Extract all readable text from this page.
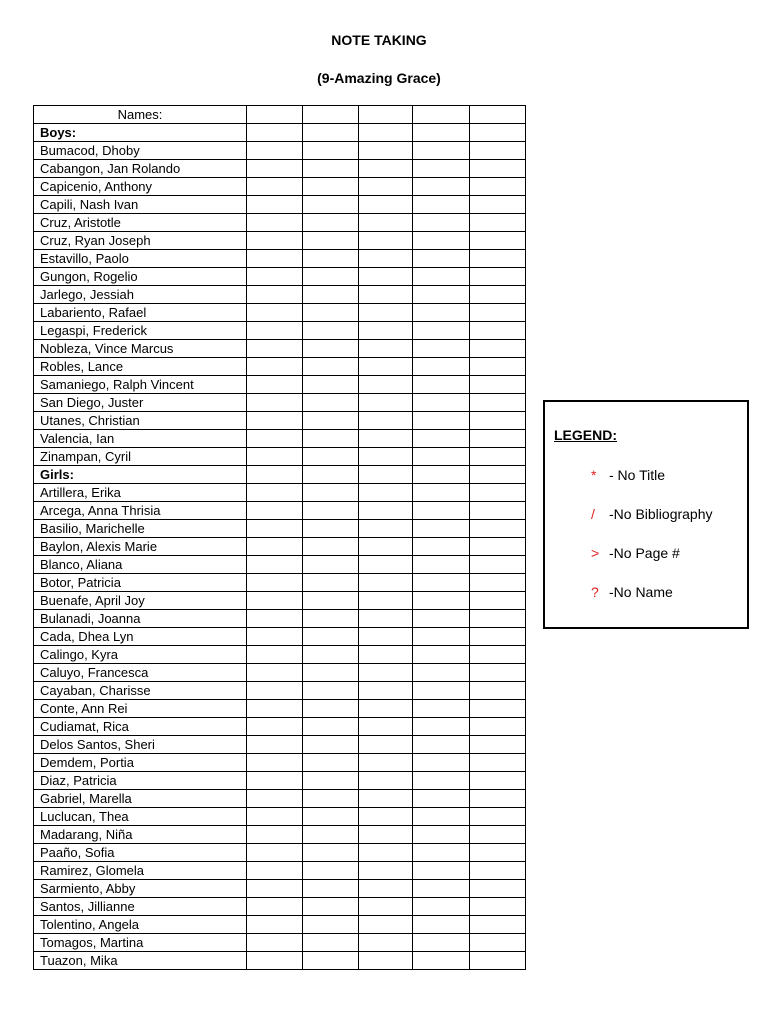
NOTE TAKING
(9-Amazing Grace)
Names:					
Boys:					
Bumacod, Dhoby					
Cabangon, Jan Rolando					
Capicenio, Anthony					
Capili, Nash Ivan					
Cruz, Aristotle					
Cruz, Ryan Joseph					
Estavillo, Paolo					
Gungon, Rogelio					
Jarlego, Jessiah					
Labariento, Rafael					
Legaspi, Frederick					
Nobleza, Vince Marcus					
Robles, Lance					
Samaniego, Ralph Vincent					
San Diego, Juster					
Utanes, Christian					
Valencia, Ian					
Zinampan, Cyril					
Girls:					
Artillera, Erika					
Arcega, Anna Thrisia					
Basilio, Marichelle					
Baylon, Alexis Marie					
Blanco, Aliana					
Botor, Patricia					
Buenafe, April Joy					
Bulanadi, Joanna					
Cada, Dhea Lyn					
Calingo, Kyra					
Caluyo, Francesca					
Cayaban, Charisse					
Conte, Ann Rei					
Cudiamat, Rica					
Delos Santos, Sheri					
Demdem, Portia					
Diaz, Patricia					
Gabriel, Marella					
Luclucan, Thea					
Madarang, Niña					
Paaño, Sofia					
Ramirez, Glomela					
Sarmiento, Abby					
Santos, Jillianne					
Tolentino, Angela					
Tomagos, Martina					
Tuazon, Mika					
LEGEND:
* - No Title
/ -No Bibliography
> -No Page #
? -No Name
